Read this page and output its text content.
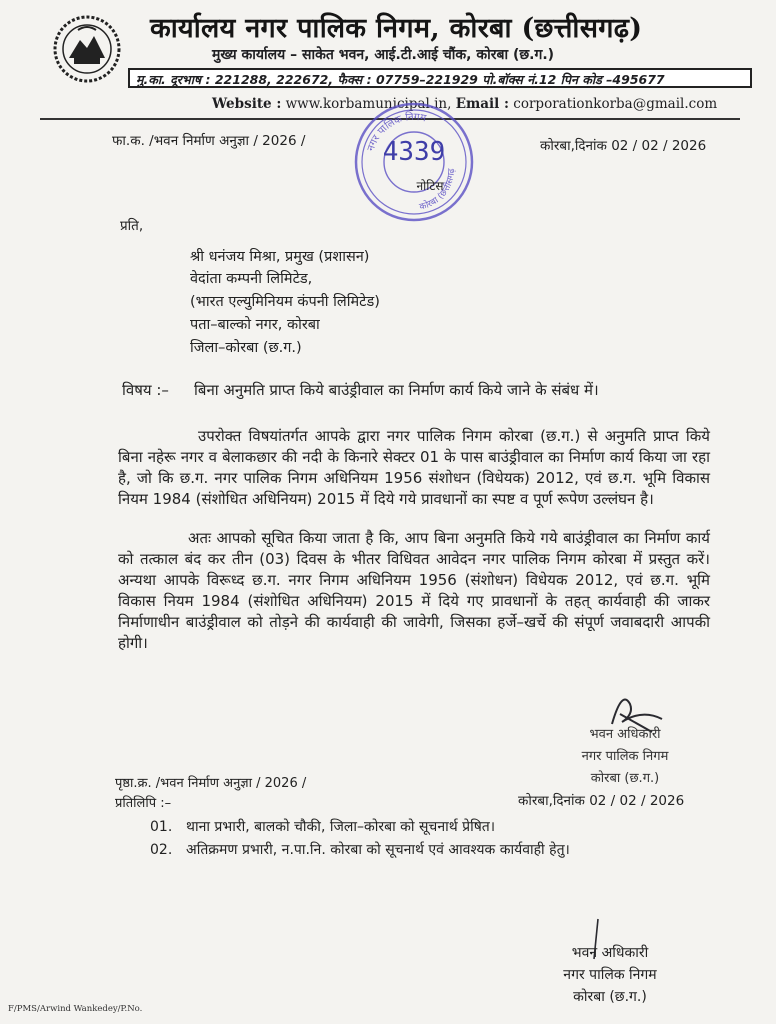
कार्यालय नगर पालिक निगम, कोरबा (छत्तीसगढ़)
मुख्य कार्यालय – साकेत भवन, आई.टी.आई चौंक, कोरबा (छ.ग.)
मु.का. दूरभाष : 221288, 222672, फैक्स : 07759–221929 पो.बॉक्स नं.12 पिन कोड –495677
Website : www.korbamunicipal.in, Email : corporationkorba@gmail.com
फा.क. /भवन निर्माण अनुज्ञा / 2026 /	कोरबा,दिनांक 02 / 02 / 2026
नगर पालिक निगम
कोरबा (छत्तीसगढ़
4339
नोटिस
प्रति,
श्री धनंजय मिश्रा, प्रमुख (प्रशासन)
वेदांता कम्पनी लिमिटेड,
(भारत एल्युमिनियम कंपनी लिमिटेड)
पता–बाल्को नगर, कोरबा
जिला–कोरबा (छ.ग.)
विषय :– बिना अनुमति प्राप्त किये बाउंड्रीवाल का निर्माण कार्य किये जाने के संबंध में।
उपरोक्त विषयांतर्गत आपके द्वारा नगर पालिक निगम कोरबा (छ.ग.) से अनुमति प्राप्त किये बिना नहेरू नगर व बेलाकछार की नदी के किनारे सेक्टर 01 के पास बाउंड्रीवाल का निर्माण कार्य किया जा रहा है, जो कि छ.ग. नगर पालिक निगम अधिनियम 1956 संशोधन (विधेयक) 2012, एवं छ.ग. भूमि विकास नियम 1984 (संशोधित अधिनियम) 2015 में दिये गये प्रावधानों का स्पष्ट व पूर्ण रूपेण उल्लंघन है।
अतः आपको सूचित किया जाता है कि, आप बिना अनुमति किये गये बाउंड्रीवाल का निर्माण कार्य को तत्काल बंद कर तीन (03) दिवस के भीतर विधिवत आवेदन नगर पालिक निगम कोरबा में प्रस्तुत करें। अन्यथा आपके विरूध्द छ.ग. नगर निगम अधिनियम 1956 (संशोधन) विधेयक 2012, एवं छ.ग. भूमि विकास नियम 1984 (संशोधित अधिनियम) 2015 में दिये गए प्रावधानों के तहत् कार्यवाही की जाकर निर्माणाधीन बाउंड्रीवाल को तोड़ने की कार्यवाही की जावेगी, जिसका हर्जे–खर्चे की संपूर्ण जवाबदारी आपकी होगी।
भवन अधिकारी
नगर पालिक निगम
कोरबा (छ.ग.)
पृष्ठा.क्र. /भवन निर्माण अनुज्ञा / 2026 /
कोरबा,दिनांक 02 / 02 / 2026
प्रतिलिपि :–
01. थाना प्रभारी, बालको चौकी, जिला–कोरबा को सूचनार्थ प्रेषित।
02. अतिक्रमण प्रभारी, न.पा.नि. कोरबा को सूचनार्थ एवं आवश्यक कार्यवाही हेतु।
भवन अधिकारी
नगर पालिक निगम
कोरबा (छ.ग.)
F/PMS/Arwind Wankedey/P.No.
